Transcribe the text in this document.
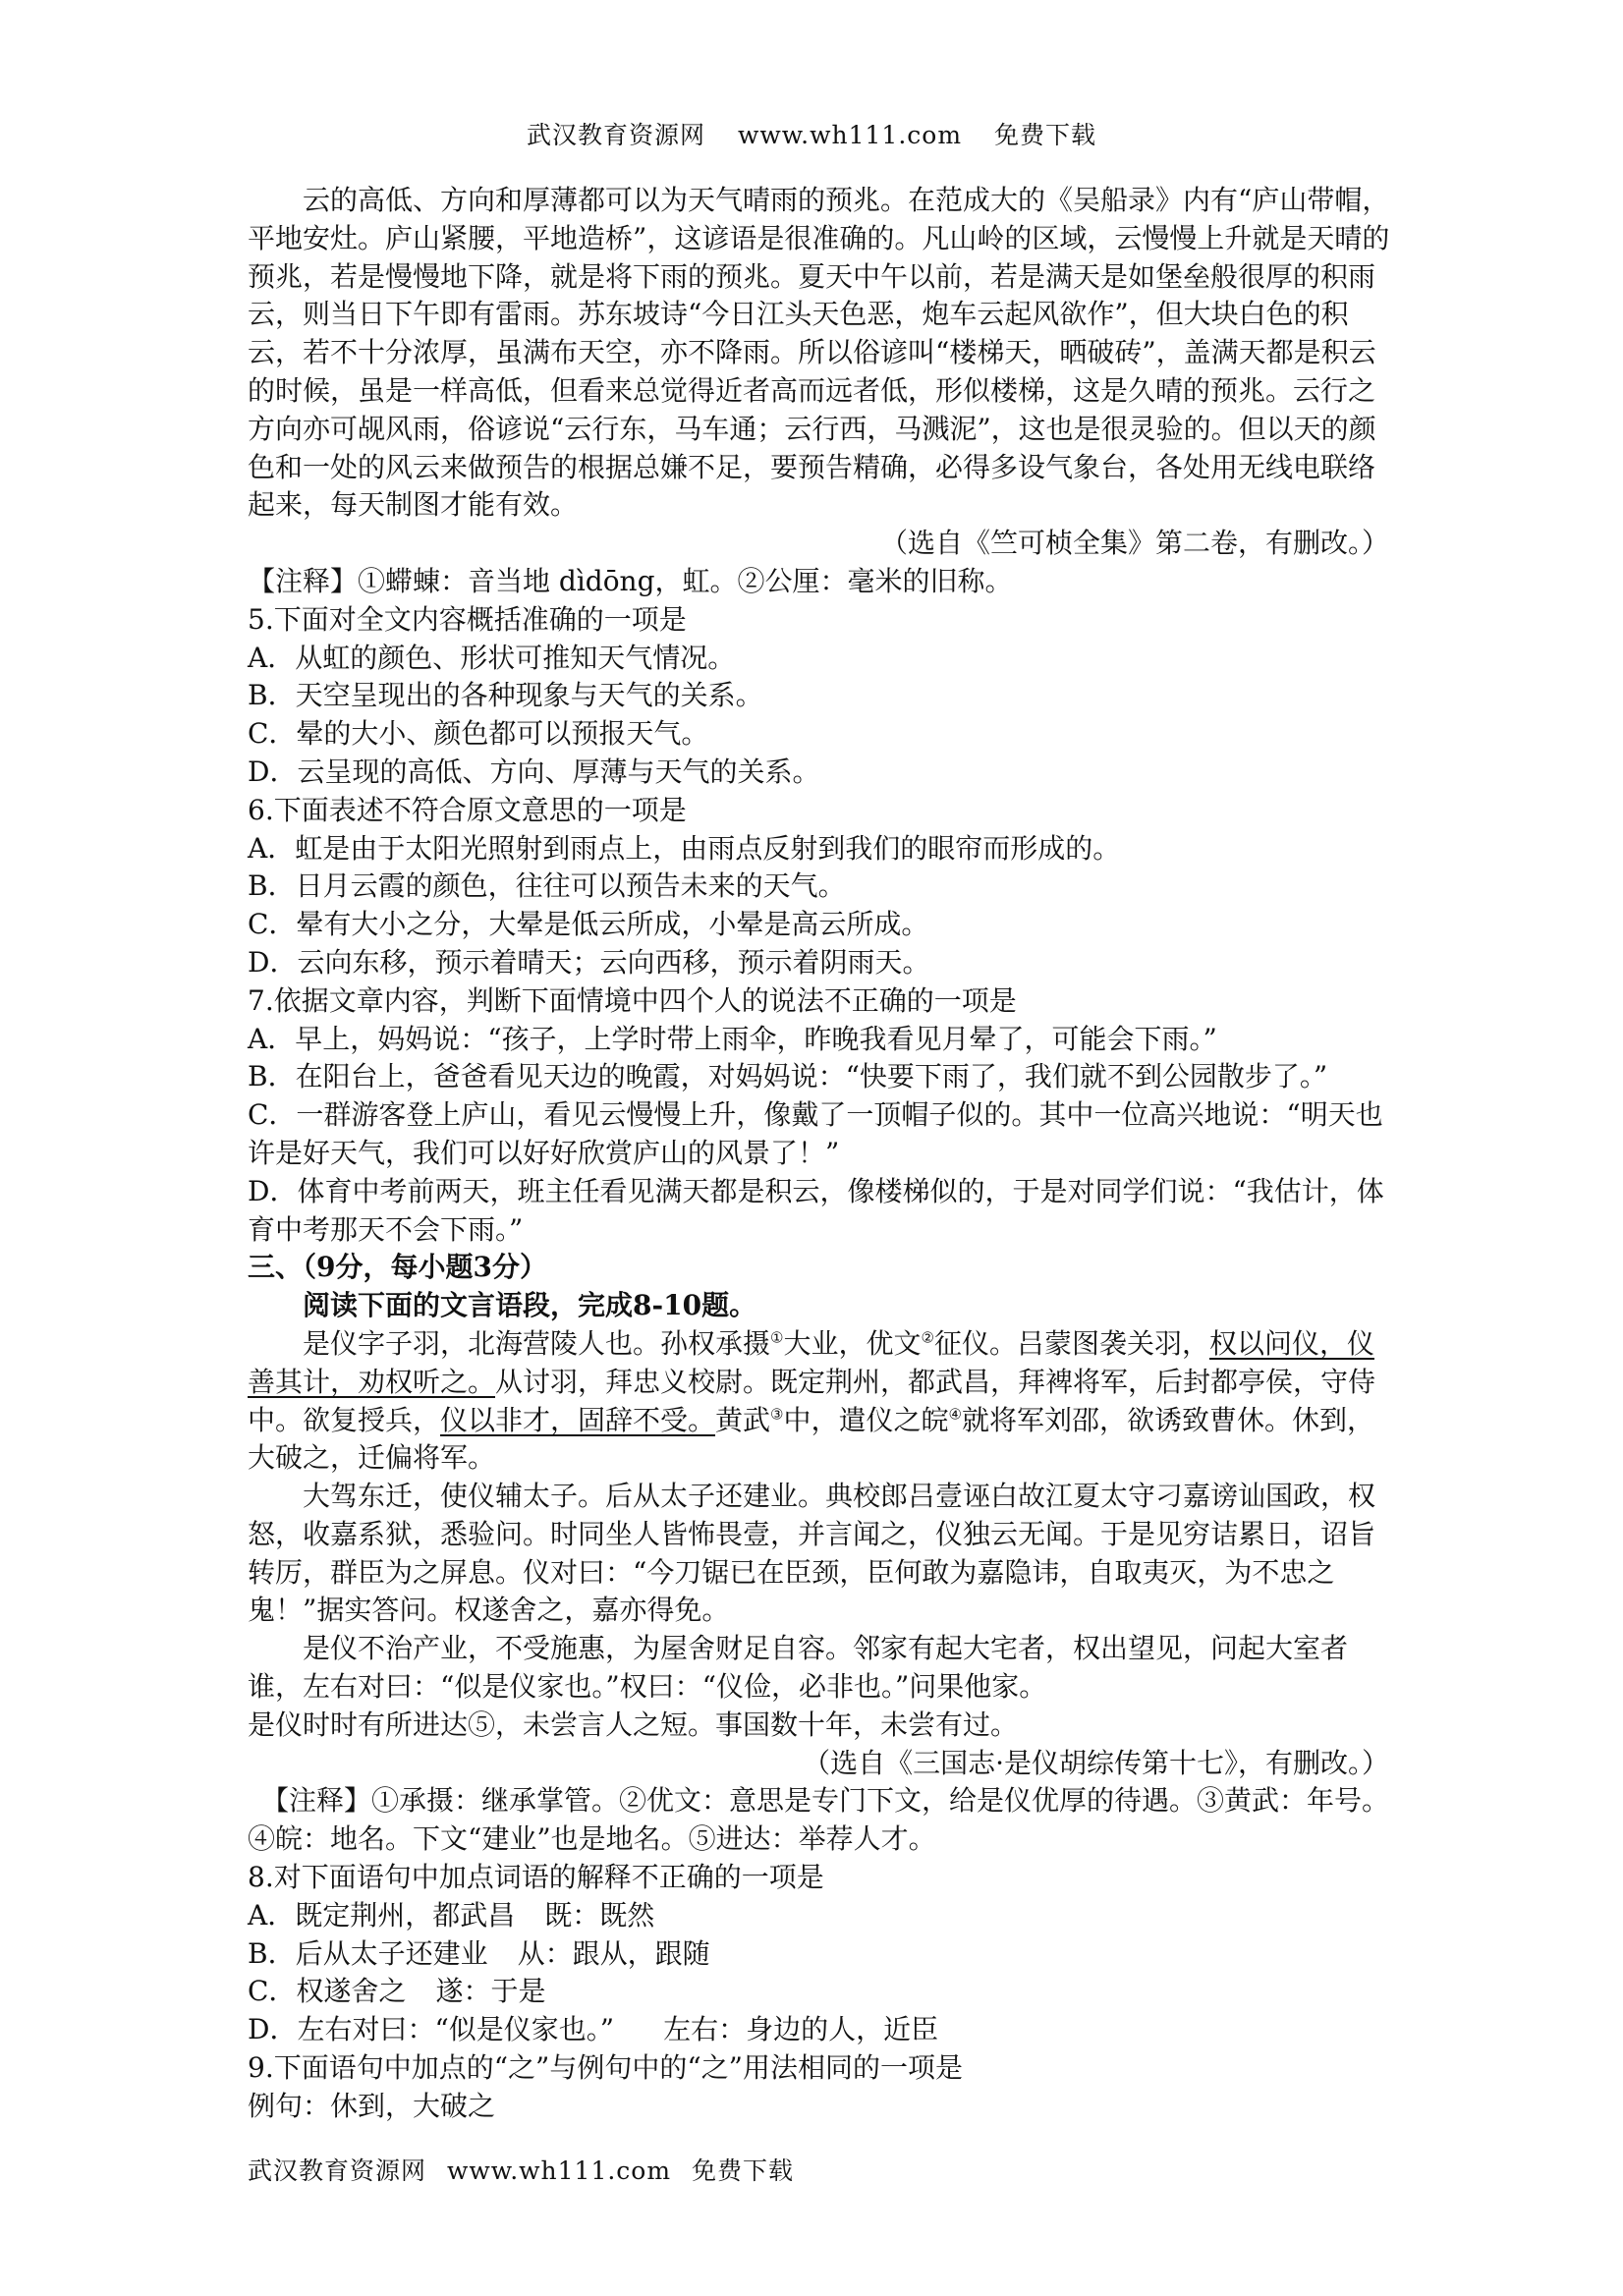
武汉教育资源网 www.wh111.com 免费下载

云的高低、方向和厚薄都可以为天气晴雨的预兆。在范成大的《吴船录》内有“庐山带帽，平地安灶。庐山紧腰，平地造桥”，这谚语是很准确的。凡山岭的区域，云慢慢上升就是天晴的预兆，若是慢慢地下降，就是将下雨的预兆。夏天中午以前，若是满天是如堡垒般很厚的积雨云，则当日下午即有雷雨。苏东坡诗“今日江头天色恶，炮车云起风欲作”，但大块白色的积云，若不十分浓厚，虽满布天空，亦不降雨。所以俗谚叫“楼梯天，晒破砖”，盖满天都是积云的时候，虽是一样高低，但看来总觉得近者高而远者低，形似楼梯，这是久晴的预兆。云行之方向亦可觇风雨，俗谚说“云行东，马车通；云行西，马溅泥”，这也是很灵验的。但以天的颜色和一处的风云来做预告的根据总嫌不足，要预告精确，必得多设气象台，各处用无线电联络起来，每天制图才能有效。

（选自《竺可桢全集》第二卷，有删改。）

【注释】①䗖蝀：音当地 dìdōng，虹。②公厘：毫米的旧称。

5.下面对全文内容概括准确的一项是

A．从虹的颜色、形状可推知天气情况。

B．天空呈现出的各种现象与天气的关系。

C．晕的大小、颜色都可以预报天气。

D．云呈现的高低、方向、厚薄与天气的关系。

6.下面表述不符合原文意思的一项是

A．虹是由于太阳光照射到雨点上，由雨点反射到我们的眼帘而形成的。

B．日月云霞的颜色，往往可以预告未来的天气。

C．晕有大小之分，大晕是低云所成，小晕是高云所成。

D．云向东移，预示着晴天；云向西移，预示着阴雨天。

7.依据文章内容，判断下面情境中四个人的说法不正确的一项是

A．早上，妈妈说：“孩子，上学时带上雨伞，昨晚我看见月晕了，可能会下雨。”

B．在阳台上，爸爸看见天边的晚霞，对妈妈说：“快要下雨了，我们就不到公园散步了。”

C．一群游客登上庐山，看见云慢慢上升，像戴了一顶帽子似的。其中一位高兴地说：“明天也许是好天气，我们可以好好欣赏庐山的风景了！”

D．体育中考前两天，班主任看见满天都是积云，像楼梯似的，于是对同学们说：“我估计，体育中考那天不会下雨。”

三、（9分，每小题3分）

阅读下面的文言语段，完成8-10题。

是仪字子羽，北海营陵人也。孙权承摄①大业，优文②征仪。吕蒙图袭关羽，权以问仪，仪善其计，劝权听之。从讨羽，拜忠义校尉。既定荆州，都武昌，拜裨将军，后封都亭侯，守侍中。欲复授兵，仪以非才，固辞不受。黄武③中，遣仪之皖④就将军刘邵，欲诱致曹休。休到，大破之，迁偏将军。

大驾东迁，使仪辅太子。后从太子还建业。典校郎吕壹诬白故江夏太守刁嘉谤讪国政，权怒，收嘉系狱，悉验问。时同坐人皆怖畏壹，并言闻之，仪独云无闻。于是见穷诘累日，诏旨转厉，群臣为之屏息。仪对曰：“今刀锯已在臣颈，臣何敢为嘉隐讳，自取夷灭，为不忠之鬼！”据实答问。权遂舍之，嘉亦得免。

是仪不治产业，不受施惠，为屋舍财足自容。邻家有起大宅者，权出望见，问起大室者谁，左右对曰：“似是仪家也。”权曰：“仪俭，必非也。”问果他家。

是仪时时有所进达⑤，未尝言人之短。事国数十年，未尝有过。

（选自《三国志·是仪胡综传第十七》，有删改。）

【注释】①承摄：继承掌管。②优文：意思是专门下文，给是仪优厚的待遇。③黄武：年号。④皖：地名。下文“建业”也是地名。⑤进达：举荐人才。

8.对下面语句中加点词语的解释不正确的一项是

A．既定荆州，都武昌 既：既然

B．后从太子还建业 从：跟从，跟随

C．权遂舍之 遂：于是

D．左右对曰：“似是仪家也。” 左右：身边的人，近臣

9.下面语句中加点的“之”与例句中的“之”用法相同的一项是

例句：休到，大破之

武汉教育资源网 www.wh111.com 免费下载
